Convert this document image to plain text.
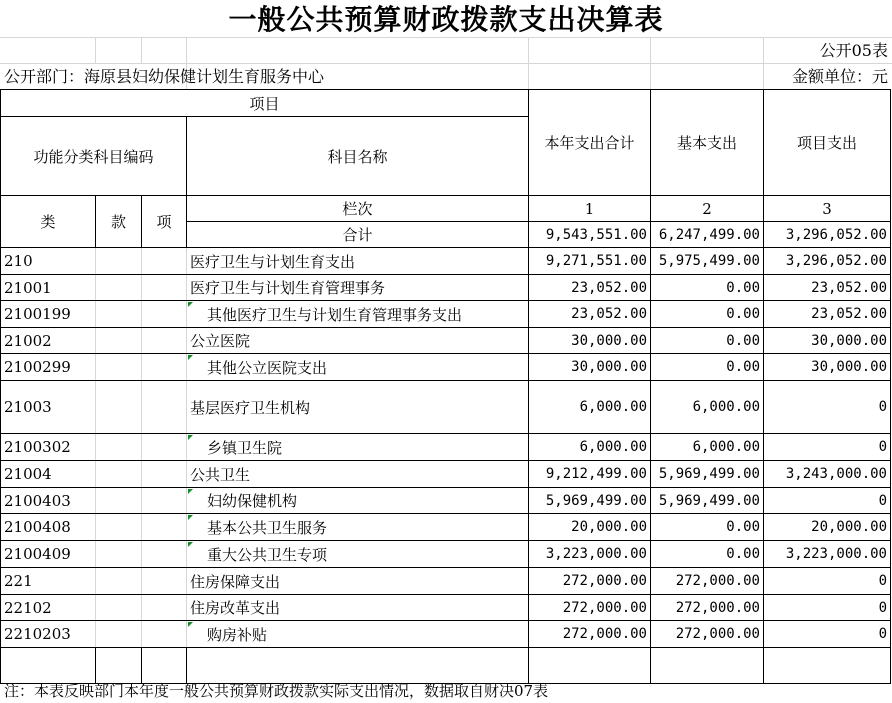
一般公共预算财政拨款支出决算表
公开05表
公开部门：海原县妇幼保健计划生育服务中心	金额单位：元
项目				本年支出合计	基本支出	项目支出
功能分类科目编码			科目名称			

类	款	项	栏次	1	2	3
			合计	9,543,551.00	6,247,499.00	3,296,052.00
210			医疗卫生与计划生育支出	9,271,551.00	5,975,499.00	3,296,052.00
21001			医疗卫生与计划生育管理事务	23,052.00	0.00	23,052.00
2100199			其他医疗卫生与计划生育管理事务支出	23,052.00	0.00	23,052.00
21002			公立医院	30,000.00	0.00	30,000.00
2100299			其他公立医院支出	30,000.00	0.00	30,000.00
21003			基层医疗卫生机构	6,000.00	6,000.00	0
2100302			乡镇卫生院	6,000.00	6,000.00	0
21004			公共卫生	9,212,499.00	5,969,499.00	3,243,000.00
2100403			妇幼保健机构	5,969,499.00	5,969,499.00	0
2100408			基本公共卫生服务	20,000.00	0.00	20,000.00
2100409			重大公共卫生专项	3,223,000.00	0.00	3,223,000.00
221			住房保障支出	272,000.00	272,000.00	0
22102			住房改革支出	272,000.00	272,000.00	0
2210203			购房补贴	272,000.00	272,000.00	0

注：本表反映部门本年度一般公共预算财政拨款实际支出情况，数据取自财决07表
